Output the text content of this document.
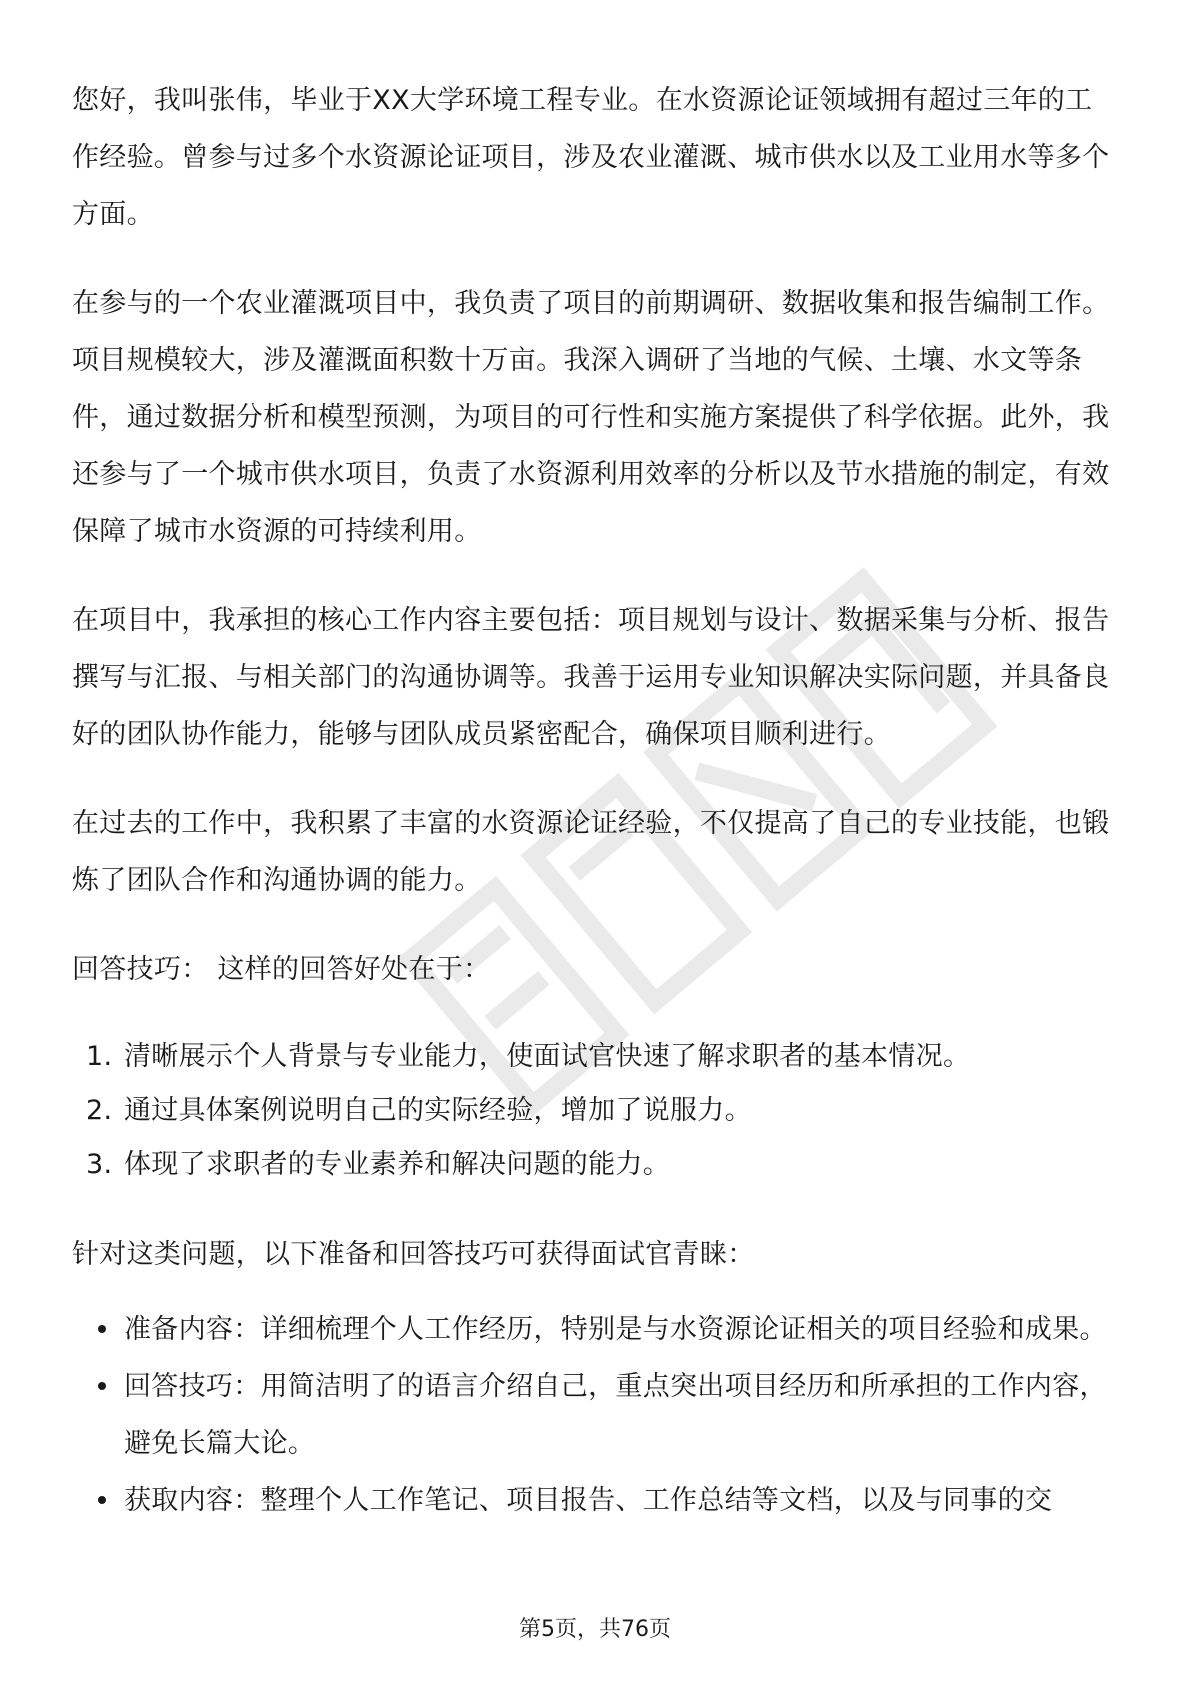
您好，我叫张伟，毕业于XX大学环境工程专业。在水资源论证领域拥有超过三年的工作经验。曾参与过多个水资源论证项目，涉及农业灌溉、城市供水以及工业用水等多个方面。

在参与的一个农业灌溉项目中，我负责了项目的前期调研、数据收集和报告编制工作。项目规模较大，涉及灌溉面积数十万亩。我深入调研了当地的气候、土壤、水文等条件，通过数据分析和模型预测，为项目的可行性和实施方案提供了科学依据。此外，我还参与了一个城市供水项目，负责了水资源利用效率的分析以及节水措施的制定，有效保障了城市水资源的可持续利用。

在项目中，我承担的核心工作内容主要包括：项目规划与设计、数据采集与分析、报告撰写与汇报、与相关部门的沟通协调等。我善于运用专业知识解决实际问题，并具备良好的团队协作能力，能够与团队成员紧密配合，确保项目顺利进行。

在过去的工作中，我积累了丰富的水资源论证经验，不仅提高了自己的专业技能，也锻炼了团队合作和沟通协调的能力。

回答技巧： 这样的回答好处在于：

1. 清晰展示个人背景与专业能力，使面试官快速了解求职者的基本情况。
2. 通过具体案例说明自己的实际经验，增加了说服力。
3. 体现了求职者的专业素养和解决问题的能力。

针对这类问题，以下准备和回答技巧可获得面试官青睐：

准备内容：详细梳理个人工作经历，特别是与水资源论证相关的项目经验和成果。
回答技巧：用简洁明了的语言介绍自己，重点突出项目经历和所承担的工作内容，避免长篇大论。
获取内容：整理个人工作笔记、项目报告、工作总结等文档，以及与同事的交
第5页，共76页
